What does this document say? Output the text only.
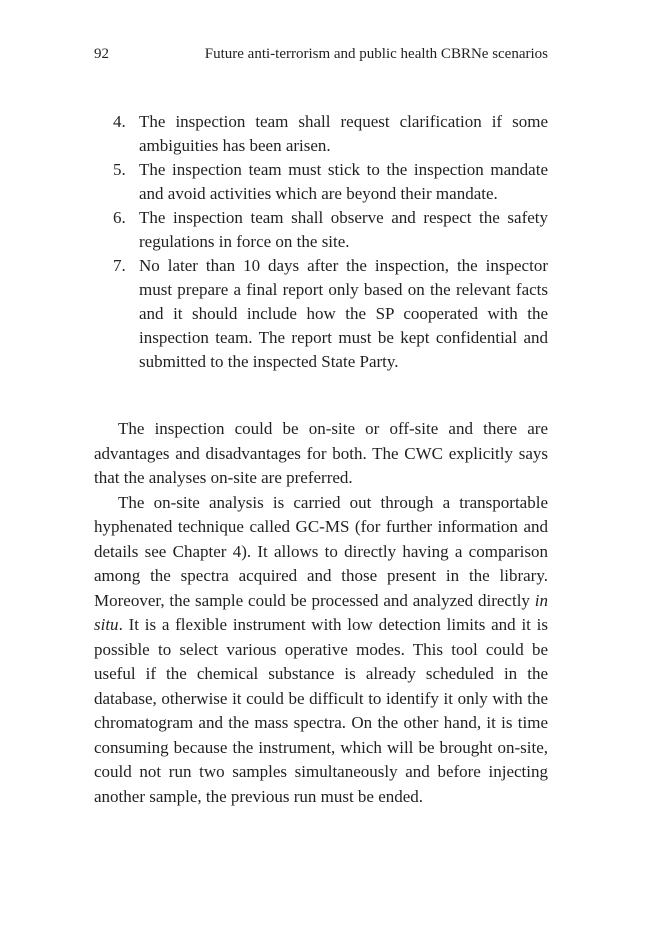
92	Future anti-terrorism and public health CBRNe scenarios
4. The inspection team shall request clarification if some ambiguities has been arisen.
5. The inspection team must stick to the inspection mandate and avoid activities which are beyond their mandate.
6. The inspection team shall observe and respect the safety regulations in force on the site.
7. No later than 10 days after the inspection, the inspector must prepare a final report only based on the relevant facts and it should include how the SP cooperated with the inspection team. The report must be kept confidential and submitted to the inspected State Party.

The inspection could be on-site or off-site and there are advantages and disadvantages for both. The CWC explicitly says that the analyses on-site are preferred.

The on-site analysis is carried out through a transportable hyphenated technique called GC-MS (for further information and details see Chapter 4). It allows to directly having a comparison among the spectra acquired and those present in the library. Moreover, the sample could be processed and analyzed directly in situ. It is a flexible instrument with low detection limits and it is possible to select various operative modes. This tool could be useful if the chemical substance is already scheduled in the database, otherwise it could be difficult to identify it only with the chromatogram and the mass spectra. On the other hand, it is time consuming because the instrument, which will be brought on-site, could not run two samples simultaneously and before injecting another sample, the previous run must be ended.
